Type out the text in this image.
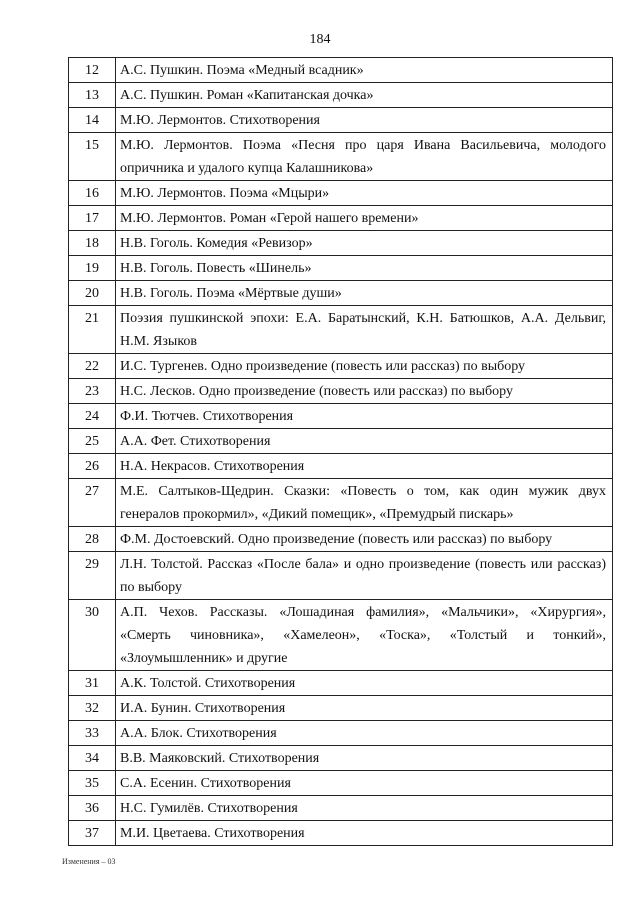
184
12	А.С. Пушкин. Поэма «Медный всадник»
13	А.С. Пушкин. Роман «Капитанская дочка»
14	М.Ю. Лермонтов. Стихотворения
15	М.Ю. Лермонтов. Поэма «Песня про царя Ивана Васильевича, молодого опричника и удалого купца Калашникова»
16	М.Ю. Лермонтов. Поэма «Мцыри»
17	М.Ю. Лермонтов. Роман «Герой нашего времени»
18	Н.В. Гоголь. Комедия «Ревизор»
19	Н.В. Гоголь. Повесть «Шинель»
20	Н.В. Гоголь. Поэма «Мёртвые души»
21	Поэзия пушкинской эпохи: Е.А. Баратынский, К.Н. Батюшков, А.А. Дельвиг, Н.М. Языков
22	И.С. Тургенев. Одно произведение (повесть или рассказ) по выбору
23	Н.С. Лесков. Одно произведение (повесть или рассказ) по выбору
24	Ф.И. Тютчев. Стихотворения
25	А.А. Фет. Стихотворения
26	Н.А. Некрасов. Стихотворения
27	М.Е. Салтыков-Щедрин. Сказки: «Повесть о том, как один мужик двух генералов прокормил», «Дикий помещик», «Премудрый пискарь»
28	Ф.М. Достоевский. Одно произведение (повесть или рассказ) по выбору
29	Л.Н. Толстой. Рассказ «После бала» и одно произведение (повесть или рассказ) по выбору
30	А.П. Чехов. Рассказы. «Лошадиная фамилия», «Мальчики», «Хирургия», «Смерть чиновника», «Хамелеон», «Тоска», «Толстый и тонкий», «Злоумышленник» и другие
31	А.К. Толстой. Стихотворения
32	И.А. Бунин. Стихотворения
33	А.А. Блок. Стихотворения
34	В.В. Маяковский. Стихотворения
35	С.А. Есенин. Стихотворения
36	Н.С. Гумилёв. Стихотворения
37	М.И. Цветаева. Стихотворения
Изменения – 03
